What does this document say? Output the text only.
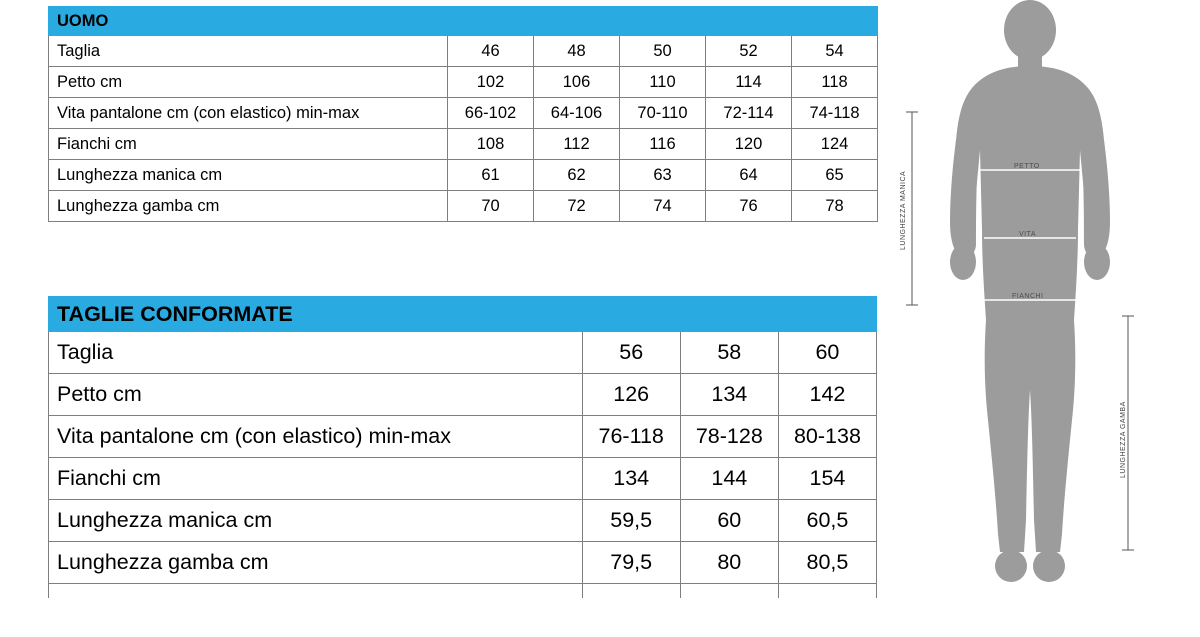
UOMO					
Taglia	46	48	50	52	54
Petto cm	102	106	110	114	118
Vita pantalone cm (con elastico) min-max	66-102	64-106	70-110	72-114	74-118
Fianchi cm	108	112	116	120	124
Lunghezza manica cm	61	62	63	64	65
Lunghezza gamba cm	70	72	74	76	78
TAGLIE CONFORMATE			
Taglia	56	58	60
Petto cm	126	134	142
Vita pantalone cm (con elastico) min-max	76-118	78-128	80-138
Fianchi cm	134	144	154
Lunghezza manica cm	59,5	60	60,5
Lunghezza gamba cm	79,5	80	80,5

LUNGHEZZA MANICA
LUNGHEZZA GAMBA
PETTO
VITA
FIANCHI
